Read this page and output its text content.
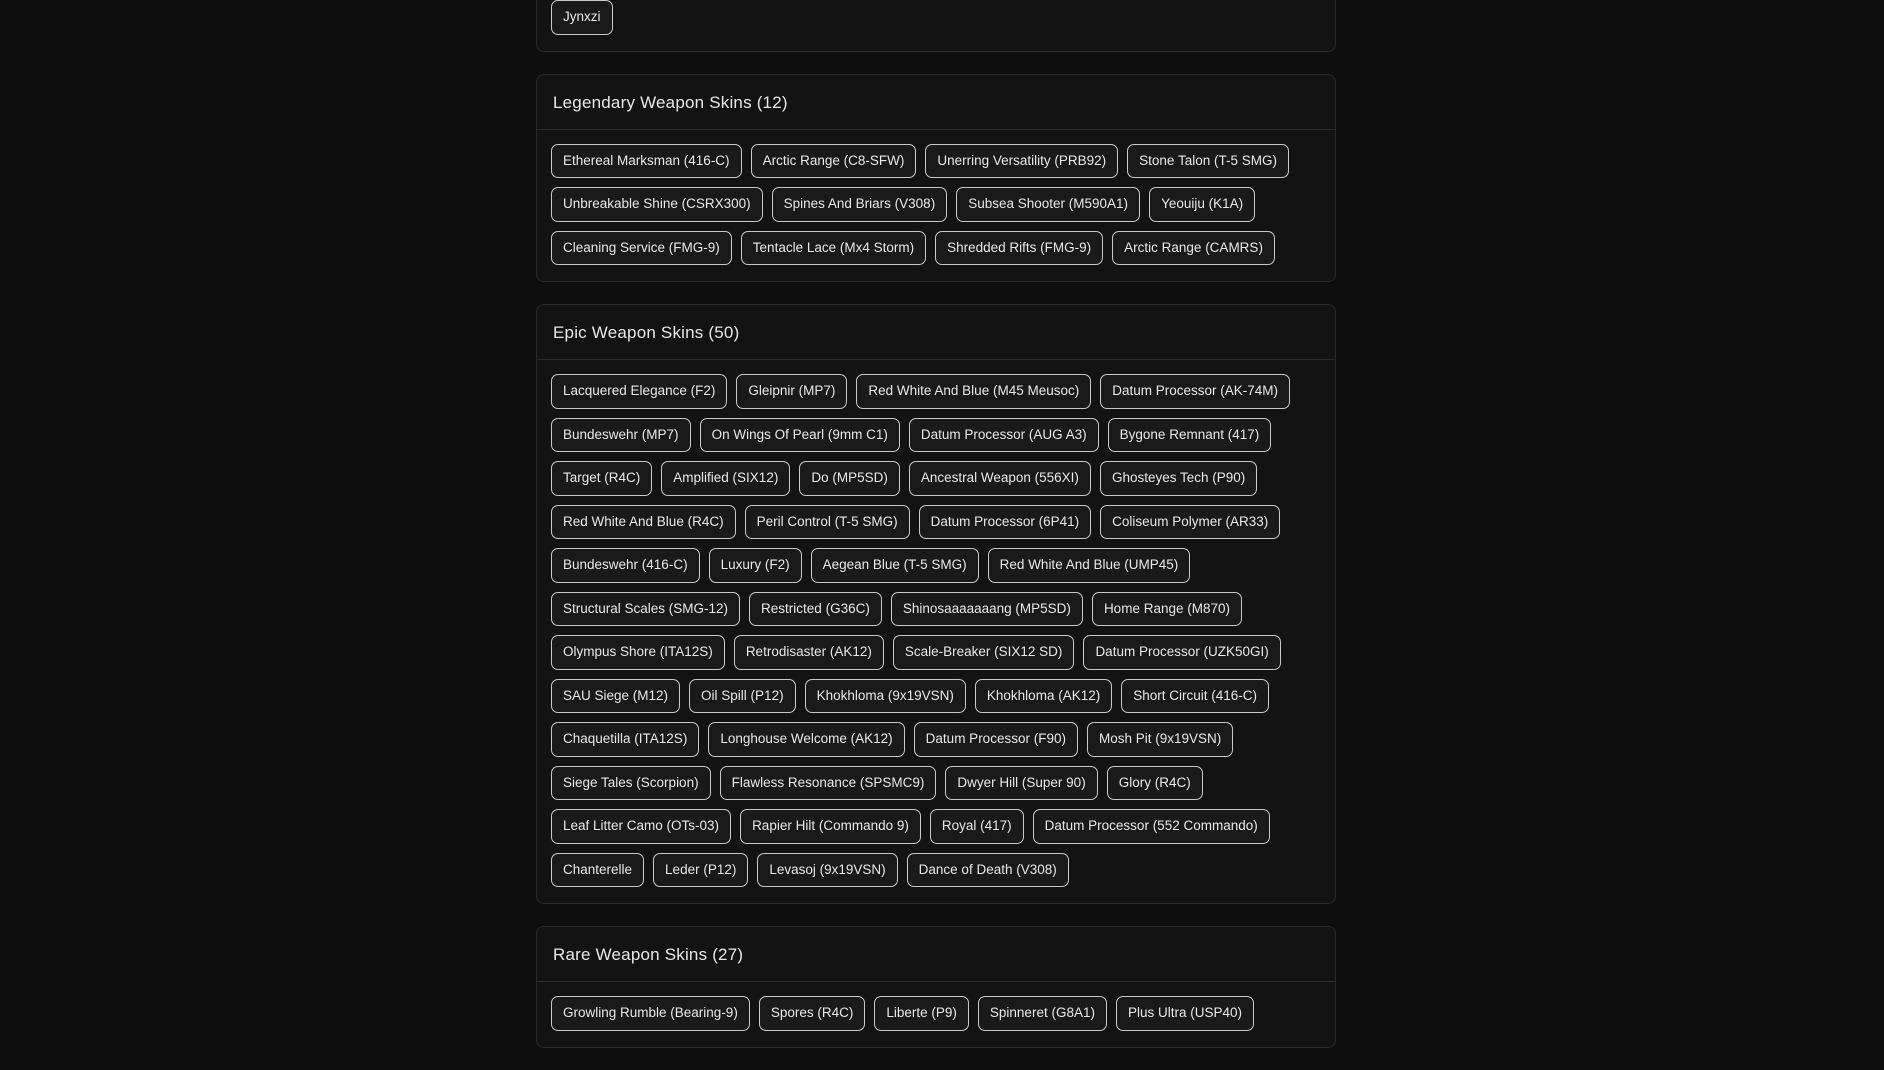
Jynxzi
Legendary Weapon Skins (12)
Ethereal Marksman (416-C)	Arctic Range (C8-SFW)	Unerring Versatility (PRB92)	Stone Talon (T-5 SMG)
Unbreakable Shine (CSRX300)	Spines And Briars (V308)	Subsea Shooter (M590A1)	Yeouiju (K1A)
Cleaning Service (FMG-9)	Tentacle Lace (Mx4 Storm)	Shredded Rifts (FMG-9)	Arctic Range (CAMRS)
Epic Weapon Skins (50)
Lacquered Elegance (F2)	Gleipnir (MP7)	Red White And Blue (M45 Meusoc)	Datum Processor (AK-74M)
Bundeswehr (MP7)	On Wings Of Pearl (9mm C1)	Datum Processor (AUG A3)	Bygone Remnant (417)
Target (R4C)	Amplified (SIX12)	Do (MP5SD)	Ancestral Weapon (556XI)	Ghosteyes Tech (P90)
Red White And Blue (R4C)	Peril Control (T-5 SMG)	Datum Processor (6P41)	Coliseum Polymer (AR33)
Bundeswehr (416-C)	Luxury (F2)	Aegean Blue (T-5 SMG)	Red White And Blue (UMP45)
Structural Scales (SMG-12)	Restricted (G36C)	Shinosaaaaaaang (MP5SD)	Home Range (M870)
Olympus Shore (ITA12S)	Retrodisaster (AK12)	Scale-Breaker (SIX12 SD)	Datum Processor (UZK50GI)
SAU Siege (M12)	Oil Spill (P12)	Khokhloma (9x19VSN)	Khokhloma (AK12)	Short Circuit (416-C)
Chaquetilla (ITA12S)	Longhouse Welcome (AK12)	Datum Processor (F90)	Mosh Pit (9x19VSN)
Siege Tales (Scorpion)	Flawless Resonance (SPSMC9)	Dwyer Hill (Super 90)	Glory (R4C)
Leaf Litter Camo (OTs-03)	Rapier Hilt (Commando 9)	Royal (417)	Datum Processor (552 Commando)
Chanterelle	Leder (P12)	Levasoj (9x19VSN)	Dance of Death (V308)
Rare Weapon Skins (27)
Growling Rumble (Bearing-9)	Spores (R4C)	Liberte (P9)	Spinneret (G8A1)	Plus Ultra (USP40)
